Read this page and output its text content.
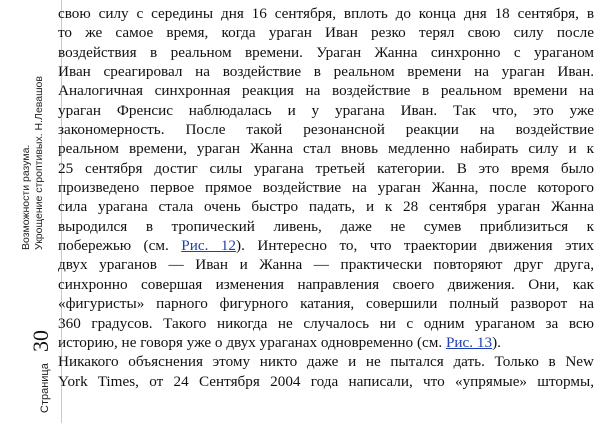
Возможности разума. Укрощение строптивых. Н.Левашов
Страница
30
свою силу с середины дня 16 сентября, вплоть до конца дня 18 сентября, в
то же самое время, когда ураган Иван резко терял свою силу после
воздействия в реальном времени. Ураган Жанна синхронно с ураганом
Иван среагировал на воздействие в реальном времени на ураган Иван.
Аналогичная синхронная реакция на воздействие в реальном времени на
ураган Френсис наблюдалась и у урагана Иван. Так что, это уже
закономерность. После такой резонансной реакции на воздействие
реальном времени, ураган Жанна стал вновь медленно набирать силу и к
25 сентября достиг силы урагана третьей категории. В это время было
произведено первое прямое воздействие на ураган Жанна, после которого
сила урагана стала очень быстро падать, и к 28 сентября ураган Жанна
выродился в тропический ливень, даже не сумев приблизиться к
побережью (см. Рис. 12). Интересно то, что траектории движения этих
двух ураганов — Иван и Жанна — практически повторяют друг друга,
синхронно совершая изменения направления своего движения. Они, как
«фигуристы» парного фигурного катания, совершили полный разворот на
360 градусов. Такого никогда не случалось ни с одним ураганом за всю
историю, не говоря уже о двух ураганах одновременно (см. Рис. 13).
Никакого объяснения этому никто даже и не пытался дать. Только в New
York Times, от 24 Сентября 2004 года написали, что «упрямые» штормы,
